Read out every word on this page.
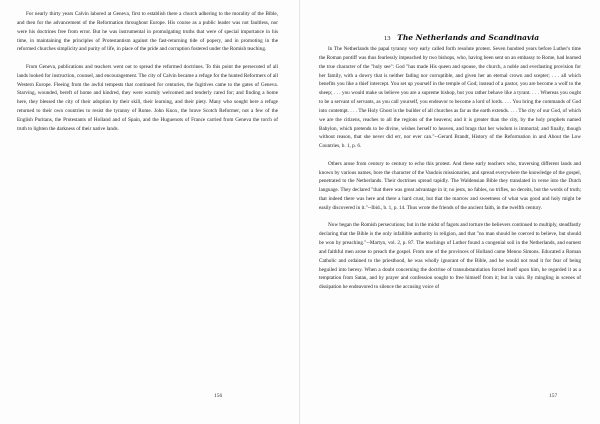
For nearly thirty years Calvin labored at Geneva, first to establish there a church adhering to the morality of the Bible, and then for the advancement of the Reformation throughout Europe. His course as a public leader was not faultless, nor were his doctrines free from error. But he was instrumental in promulgating truths that were of special importance in his time, in maintaining the principles of Protestantism against the fast-returning tide of popery, and in promoting in the reformed churches simplicity and purity of life, in place of the pride and corruption fostered under the Romish teaching.

From Geneva, publications and teachers went out to spread the reformed doctrines. To this point the persecuted of all lands looked for instruction, counsel, and encouragement. The city of Calvin became a refuge for the hunted Reformers of all Western Europe. Fleeing from the awful tempests that continued for centuries, the fugitives came to the gates of Geneva. Starving, wounded, bereft of home and kindred, they were warmly welcomed and tenderly cared for; and finding a home here, they blessed the city of their adoption by their skill, their learning, and their piety. Many who sought here a refuge returned to their own countries to resist the tyranny of Rome. John Knox, the brave Scotch Reformer, not a few of the English Puritans, the Protestants of Holland and of Spain, and the Huguenots of France carried from Geneva the torch of truth to lighten the darkness of their native lands.

156
13 The Netherlands and Scandinavia

In The Netherlands the papal tyranny very early called forth resolute protest. Seven hundred years before Luther's time the Roman pontiff was thus fearlessly impeached by two bishops, who, having been sent on an embassy to Rome, had learned the true character of the "holy see": God "has made His queen and spouse, the church, a noble and everlasting provision for her family, with a dowry that is neither fading nor corruptible, and given her an eternal crown and scepter; . . . all which benefits you like a thief intercept. You set up yourself in the temple of God; instead of a pastor, you are become a wolf to the sheep; . . . you would make us believe you are a supreme bishop, but you rather behave like a tyrant. . . . Whereas you ought to be a servant of servants, as you call yourself, you endeavor to become a lord of lords. . . . You bring the commands of God into contempt. . . . The Holy Ghost is the builder of all churches as far as the earth extends. . . . The city of our God, of which we are the citizens, reaches to all the regions of the heavens; and it is greater than the city, by the holy prophets named Babylon, which pretends to be divine, wishes herself to heaven, and brags that her wisdom is immortal; and finally, though without reason, that she never did err, nor ever can."--Gerard Brandt, History of the Reformation in and About the Low Countries, b. 1, p. 6.

Others arose from century to century to echo this protest. And these early teachers who, traversing different lands and known by various names, bore the character of the Vaudois missionaries, and spread everywhere the knowledge of the gospel, penetrated to the Netherlands. Their doctrines spread rapidly. The Waldensian Bible they translated in verse into the Dutch language. They declared "that there was great advantage in it; no jests, no fables, no trifles, no deceits, but the words of truth; that indeed there was here and there a hard crust, but that the marrow and sweetness of what was good and holy might be easily discovered in it."--Ibid., b. 1, p. 14. Thus wrote the friends of the ancient faith, in the twelfth century.

Now began the Romish persecutions; but in the midst of fagots and torture the believers continued to multiply, steadfastly declaring that the Bible is the only infallible authority in religion, and that "no man should be coerced to believe, but should be won by preaching."--Martyn, vol. 2, p. 87. The teachings of Luther found a congenial soil in the Netherlands, and earnest and faithful men arose to preach the gospel. From one of the provinces of Holland came Menno Simons. Educated a Roman Catholic and ordained to the priesthood, he was wholly ignorant of the Bible, and he would not read it for fear of being beguiled into heresy. When a doubt concerning the doctrine of transubstantiation forced itself upon him, he regarded it as a temptation from Satan, and by prayer and confession sought to free himself from it; but in vain. By mingling in scenes of dissipation he endeavored to silence the accusing voice of

157
